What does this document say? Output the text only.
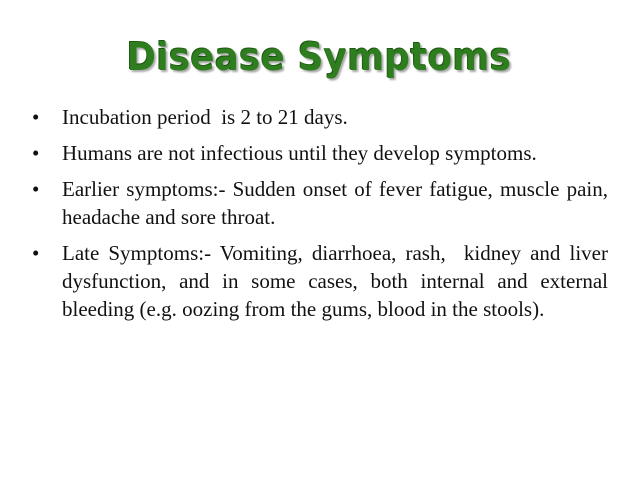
Disease Symptoms
•	Incubation period  is 2 to 21 days.
•	Humans are not infectious until they develop symptoms.
•	Earlier symptoms:- Sudden onset of fever fatigue, muscle pain, headache and sore throat.
•	Late Symptoms:- Vomiting, diarrhoea, rash,  kidney and liver dysfunction, and in some cases, both internal and external bleeding (e.g. oozing from the gums, blood in the stools).
